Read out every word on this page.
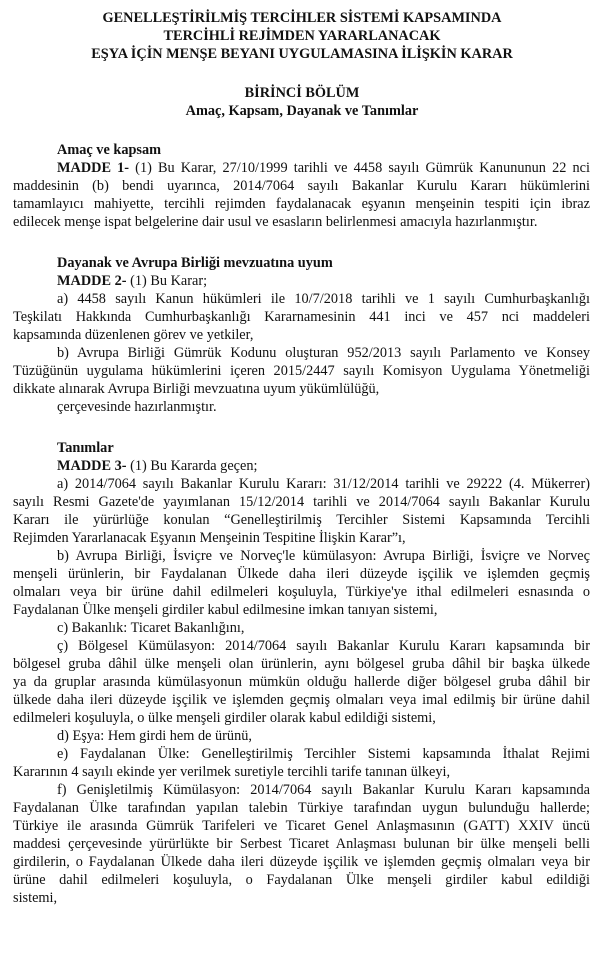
GENELLEŞTİRİLMİŞ TERCİHLER SİSTEMİ KAPSAMINDA
TERCİHLİ REJİMDEN YARARLANACAK
EŞYA İÇİN MENŞE BEYANI UYGULAMASINA İLİŞKİN KARAR
BİRİNCİ BÖLÜM
Amaç, Kapsam, Dayanak ve Tanımlar
Amaç ve kapsam
MADDE 1- (1) Bu Karar, 27/10/1999 tarihli ve 4458 sayılı Gümrük Kanununun 22 nci
maddesinin (b) bendi uyarınca, 2014/7064 sayılı Bakanlar Kurulu Kararı hükümlerini
tamamlayıcı mahiyette, tercihli rejimden faydalanacak eşyanın menşeinin tespiti için ibraz
edilecek menşe ispat belgelerine dair usul ve esasların belirlenmesi amacıyla hazırlanmıştır.
Dayanak ve Avrupa Birliği mevzuatına uyum
MADDE 2- (1) Bu Karar;
a) 4458 sayılı Kanun hükümleri ile 10/7/2018 tarihli ve 1 sayılı Cumhurbaşkanlığı
Teşkilatı Hakkında Cumhurbaşkanlığı Kararnamesinin 441 inci ve 457 nci maddeleri
kapsamında düzenlenen görev ve yetkiler,
b) Avrupa Birliği Gümrük Kodunu oluşturan 952/2013 sayılı Parlamento ve Konsey
Tüzüğünün uygulama hükümlerini içeren 2015/2447 sayılı Komisyon Uygulama Yönetmeliği
dikkate alınarak Avrupa Birliği mevzuatına uyum yükümlülüğü,
çerçevesinde hazırlanmıştır.
Tanımlar
MADDE 3- (1) Bu Kararda geçen;
a) 2014/7064 sayılı Bakanlar Kurulu Kararı: 31/12/2014 tarihli ve 29222 (4. Mükerrer)
sayılı Resmi Gazete'de yayımlanan 15/12/2014 tarihli ve 2014/7064 sayılı Bakanlar Kurulu
Kararı ile yürürlüğe konulan “Genelleştirilmiş Tercihler Sistemi Kapsamında Tercihli
Rejimden Yararlanacak Eşyanın Menşeinin Tespitine İlişkin Karar”ı,
b) Avrupa Birliği, İsviçre ve Norveç'le kümülasyon: Avrupa Birliği, İsviçre ve Norveç
menşeli ürünlerin, bir Faydalanan Ülkede daha ileri düzeyde işçilik ve işlemden geçmiş
olmaları veya bir ürüne dahil edilmeleri koşuluyla, Türkiye'ye ithal edilmeleri esnasında o
Faydalanan Ülke menşeli girdiler kabul edilmesine imkan tanıyan sistemi,
c) Bakanlık: Ticaret Bakanlığını,
ç) Bölgesel Kümülasyon: 2014/7064 sayılı Bakanlar Kurulu Kararı kapsamında bir
bölgesel gruba dâhil ülke menşeli olan ürünlerin, aynı bölgesel gruba dâhil bir başka ülkede
ya da gruplar arasında kümülasyonun mümkün olduğu hallerde diğer bölgesel gruba dâhil bir
ülkede daha ileri düzeyde işçilik ve işlemden geçmiş olmaları veya imal edilmiş bir ürüne dahil
edilmeleri koşuluyla, o ülke menşeli girdiler olarak kabul edildiği sistemi,
d) Eşya: Hem girdi hem de ürünü,
e) Faydalanan Ülke: Genelleştirilmiş Tercihler Sistemi kapsamında İthalat Rejimi
Kararının 4 sayılı ekinde yer verilmek suretiyle tercihli tarife tanınan ülkeyi,
f) Genişletilmiş Kümülasyon: 2014/7064 sayılı Bakanlar Kurulu Kararı kapsamında
Faydalanan Ülke tarafından yapılan talebin Türkiye tarafından uygun bulunduğu hallerde;
Türkiye ile arasında Gümrük Tarifeleri ve Ticaret Genel Anlaşmasının (GATT) XXIV üncü
maddesi çerçevesinde yürürlükte bir Serbest Ticaret Anlaşması bulunan bir ülke menşeli belli
girdilerin, o Faydalanan Ülkede daha ileri düzeyde işçilik ve işlemden geçmiş olmaları veya bir
ürüne dahil edilmeleri koşuluyla, o Faydalanan Ülke menşeli girdiler kabul edildiği
sistemi,
